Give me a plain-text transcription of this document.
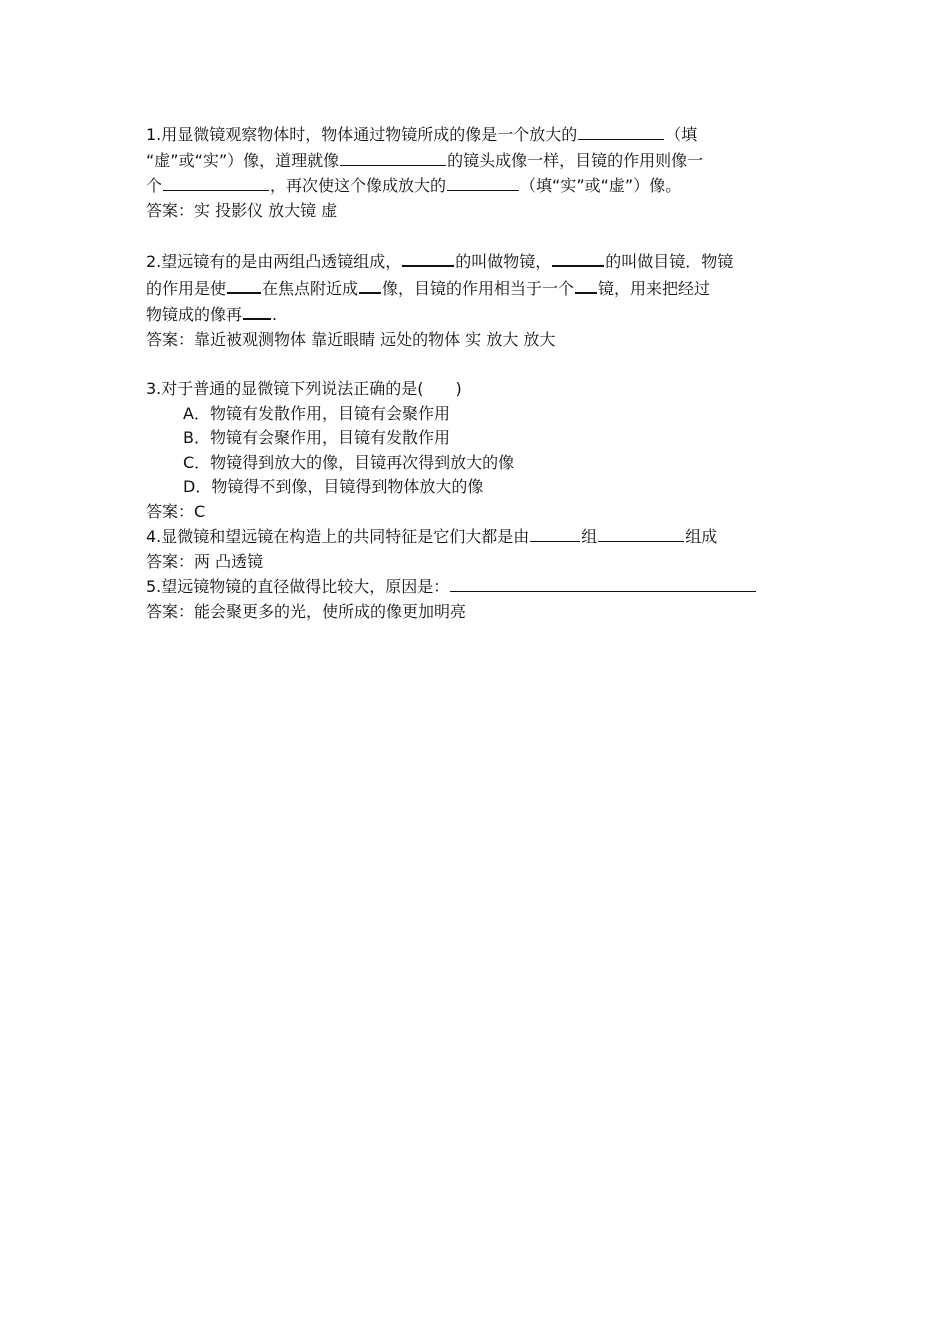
1.用显微镜观察物体时，物体通过物镜所成的像是一个放大的	（填
“虚”或“实”）像，道理就像	的镜头成像一样，目镜的作用则像一
个	，再次使这个像成放大的	（填“实”或“虚”）像。
答案：实 投影仪 放大镜 虚
2.望远镜有的是由两组凸透镜组成，	的叫做物镜，	的叫做目镜．物镜
的作用是使 在焦点附近成 像，目镜的作用相当于一个 镜，用来把经过
物镜成的像再 .
答案：靠近被观测物体 靠近眼睛 远处的物体 实 放大 放大
3.对于普通的显微镜下列说法正确的是(　　)
A．物镜有发散作用，目镜有会聚作用
B．物镜有会聚作用，目镜有发散作用
C．物镜得到放大的像，目镜再次得到放大的像
D．物镜得不到像，目镜得到物体放大的像
答案：C
4.显微镜和望远镜在构造上的共同特征是它们大都是由	组	组成
答案：两 凸透镜
5.望远镜物镜的直径做得比较大，原因是：
答案：能会聚更多的光，使所成的像更加明亮
